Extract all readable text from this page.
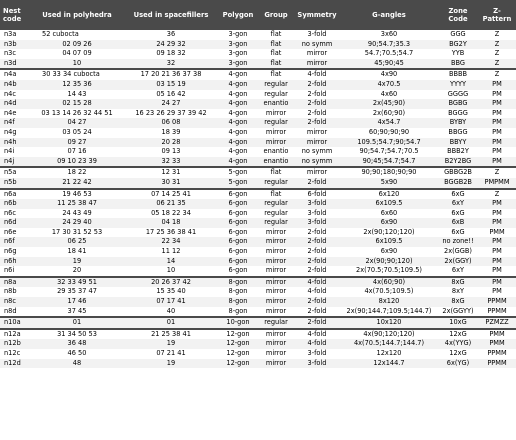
Nest code	Used in polyhedra	Used in spacefillers	Polygon	Group	Symmetry	G-angles	Zone Code	Z-Pattern
n3a	52 cubocta	36	3-gon	flat	3-fold	3x60	GGG	Z
n3b	02 09 26	24 29 32	3-gon	flat	no symm	90;54.7;35.3	BG2Y	Z
n3c	04 07 09	09 18 32	3-gon	flat	mirror	54.7;70.5;54.7	YYB	Z
n3d	10	32	3-gon	flat	mirror	45;90;45	BBG	Z
n4a	30 33 34 cubocta	17 20 21 36 37 38	4-gon	flat	4-fold	4x90	BBBB	Z
n4b	12 35 36	03 15 19	4-gon	regular	2-fold	4x70.5	YYYY	PM
n4c	14 43	05 16 42	4-gon	regular	2-fold	4x60	GGGG	PM
n4d	02 15 28	24 27	4-gon	enantio	2-fold	2x(45;90)	BGBG	PM
n4e	03 13 14 26 32 44 51	16 23 26 29 37 39 42	4-gon	mirror	2-fold	2x(60;90)	BGGG	PM
n4f	04 27	06 08	4-gon	regular	2-fold	4x54.7	BYBY	PM
n4g	03 05 24	18 39	4-gon	mirror	mirror	60;90;90;90	BBGG	PM
n4h	09 27	20 28	4-gon	mirror	mirror	109.5;54.7;90;54.7	BBYY	PM
n4i	07 16	09 13	4-gon	enantio	no symm	90;54.7;54.7;70.5	BBB2Y	PM
n4j	09 10 23 39	32 33	4-gon	enantio	no symm	90;45;54.7;54.7	B2Y2BG	PM
n5a	18 22	12 31	5-gon	flat	mirror	90;90;180;90;90	GBBG2B	Z
n5b	21 22 42	30 31	5-gon	regular	2-fold	5x90	BGGB2B	PMPMM
n6a	19 46 53	07 14 25 41	6-gon	flat	6-fold	6x120	6xG	Z
n6b	11 25 38 47	06 21 35	6-gon	regular	3-fold	6x109.5	6xY	PM
n6c	24 43 49	05 18 22 34	6-gon	regular	3-fold	6x60	6xG	PM
n6d	24 29 40	04 18	6-gon	regular	3-fold	6x90	6xB	PM
n6e	17 30 31 52 53	17 25 36 38 41	6-gon	mirror	2-fold	2x(90;120;120)	6xG	PMM
n6f	06 25	22 34	6-gon	mirror	2-fold	6x109.5	no zone!!	PM
n6g	18 41	11 12	6-gon	mirror	2-fold	6x90	2x(GGB)	PM
n6h	19	14	6-gon	mirror	2-fold	2x(90;90;120)	2x(GGY)	PM
n6i	20	10	6-gon	mirror	2-fold	2x(70.5;70.5;109.5)	6xY	PM
n8a	32 33 49 51	20 26 37 42	8-gon	mirror	4-fold	4x(60;90)	8xG	PM
n8b	29 35 37 47	15 35 40	8-gon	mirror	4-fold	4x(70.5;109.5)	8xY	PM
n8c	17 46	07 17 41	8-gon	mirror	2-fold	8x120	8xG	PPMM
n8d	37 45	40	8-gon	mirror	2-fold	2x(90;144.7;109.5;144.7)	2x(GGYY)	PPMM
n10a	01	01	10-gon	regular	2-fold	10x120	10xG	PZMZZ
n12a	31 34 50 53	21 25 38 41	12-gon	mirror	4-fold	4x(90;120;120)	12xG	PMM
n12b	36 48	19	12-gon	mirror	4-fold	4x(70.5;144.7;144.7)	4x(YYG)	PMM
n12c	46 50	07 21 41	12-gon	mirror	3-fold	12x120	12xG	PPMM
n12d	48	19	12-gon	mirror	3-fold	12x144.7	6x(YG)	PPMM
